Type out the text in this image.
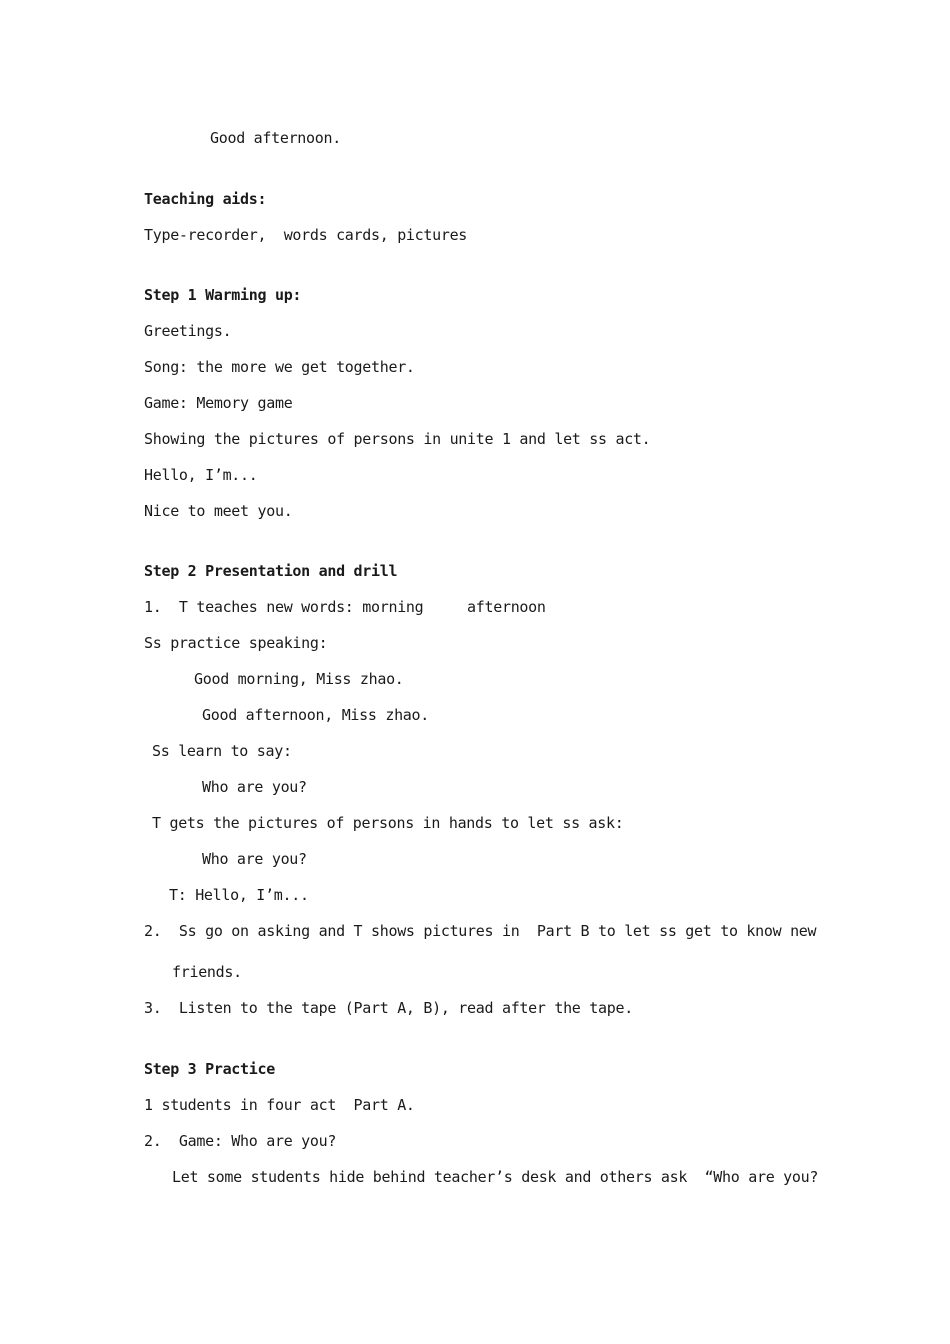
Good afternoon.
Teaching aids:
Type-recorder,  words cards, pictures
Step 1 Warming up:
Greetings.
Song: the more we get together.
Game: Memory game
Showing the pictures of persons in unite 1 and let ss act.
Hello, I’m...
Nice to meet you.
Step 2 Presentation and drill
1.  T teaches new words: morning     afternoon
Ss practice speaking:
Good morning, Miss zhao.
Good afternoon, Miss zhao.
Ss learn to say:
Who are you?
T gets the pictures of persons in hands to let ss ask:
Who are you?
T: Hello, I’m...
2.  Ss go on asking and T shows pictures in  Part B to let ss get to know new
friends.
3.  Listen to the tape (Part A, B), read after the tape.
Step 3 Practice
1 students in four act  Part A.
2.  Game: Who are you?
Let some students hide behind teacher’s desk and others ask  “Who are you?
